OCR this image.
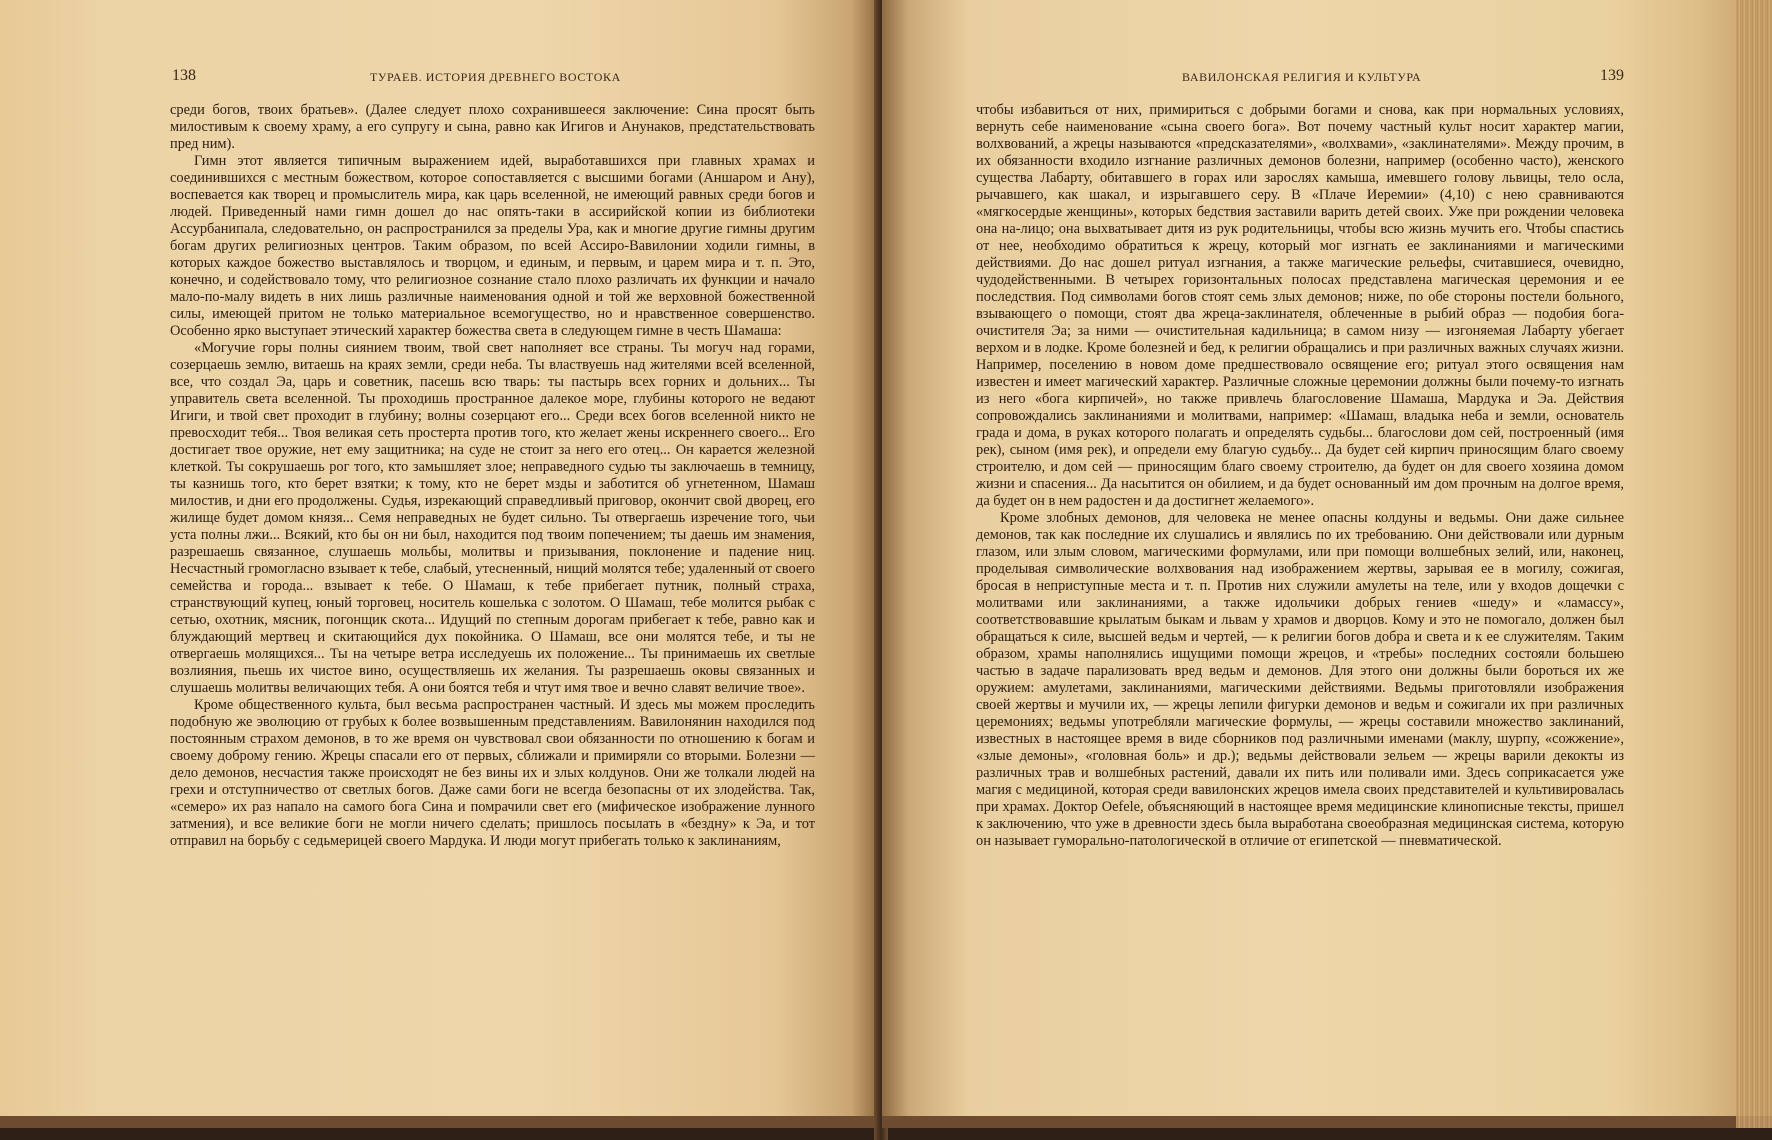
138	ТУРАЕВ. ИСТОРИЯ ДРЕВНЕГО ВОСТОКА

среди богов, твоих братьев». (Далее следует плохо сохранившееся заключение: Сина просят быть милостивым к своему храму, а его супругу и сына, равно как Игигов и Анунаков, предстательствовать пред ним).

Гимн этот является типичным выражением идей, выработавшихся при главных храмах и соединившихся с местным божеством, которое сопоставляется с высшими богами (Аншаром и Ану), воспевается как творец и промыслитель мира, как царь вселенной, не имеющий равных среди богов и людей. Приведенный нами гимн дошел до нас опять-таки в ассирийской копии из библиотеки Ассурбанипала, следовательно, он распространился за пределы Ура, как и многие другие гимны другим богам других религиозных центров. Таким образом, по всей Ассиро-Вавилонии ходили гимны, в которых каждое божество выставлялось и творцом, и единым, и первым, и царем мира и т. п. Это, конечно, и содействовало тому, что религиозное сознание стало плохо различать их функции и начало мало-по-малу видеть в них лишь различные наименования одной и той же верховной божественной силы, имеющей притом не только материальное всемогущество, но и нравственное совершенство. Особенно ярко выступает этический характер божества света в следующем гимне в честь Шамаша:

«Могучие горы полны сиянием твоим, твой свет наполняет все страны. Ты могуч над горами, созерцаешь землю, витаешь на краях земли, среди неба. Ты властвуешь над жителями всей вселенной, все, что создал Эа, царь и советник, пасешь всю тварь: ты пастырь всех горних и дольних... Ты управитель света вселенной. Ты проходишь пространное далекое море, глубины которого не ведают Игиги, и твой свет проходит в глубину; волны созерцают его... Среди всех богов вселенной никто не превосходит тебя... Твоя великая сеть простерта против того, кто желает жены искреннего своего... Его достигает твое оружие, нет ему защитника; на суде не стоит за него его отец... Он карается железной клеткой. Ты сокрушаешь рог того, кто замышляет злое; неправедного судью ты заключаешь в темницу, ты казнишь того, кто берет взятки; к тому, кто не берет мзды и заботится об угнетенном, Шамаш милостив, и дни его продолжены. Судья, изрекающий справедливый приговор, окончит свой дворец, его жилище будет домом князя... Семя неправедных не будет сильно. Ты отвергаешь изречение того, чьи уста полны лжи... Всякий, кто бы он ни был, находится под твоим попечением; ты даешь им знамения, разрешаешь связанное, слушаешь мольбы, молитвы и призывания, поклонение и падение ниц. Несчастный громогласно взывает к тебе, слабый, утесненный, нищий молятся тебе; удаленный от своего семейства и города... взывает к тебе. О Шамаш, к тебе прибегает путник, полный страха, странствующий купец, юный торговец, носитель кошелька с золотом. О Шамаш, тебе молится рыбак с сетью, охотник, мясник, погонщик скота... Идущий по степным дорогам прибегает к тебе, равно как и блуждающий мертвец и скитающийся дух покойника. О Шамаш, все они молятся тебе, и ты не отвергаешь молящихся... Ты на четыре ветра исследуешь их положение... Ты принимаешь их светлые возлияния, пьешь их чистое вино, осуществляешь их желания. Ты разрешаешь оковы связанных и слушаешь молитвы величающих тебя. А они боятся тебя и чтут имя твое и вечно славят величие твое».

Кроме общественного культа, был весьма распространен частный. И здесь мы можем проследить подобную же эволюцию от грубых к более возвышенным представлениям. Вавилонянин находился под постоянным страхом демонов, в то же время он чувствовал свои обязанности по отношению к богам и своему доброму гению. Жрецы спасали его от первых, сближали и примиряли со вторыми. Болезни — дело демонов, несчастия также происходят не без вины их и злых колдунов. Они же толкали людей на грехи и отступничество от светлых богов. Даже сами боги не всегда безопасны от их злодейства. Так, «семеро» их раз напало на самого бога Сина и помрачили свет его (мифическое изображение лунного затмения), и все великие боги не могли ничего сделать; пришлось посылать в «бездну» к Эа, и тот отправил на борьбу с седьмерицей своего Мардука. И люди могут прибегать только к заклинаниям,

ВАВИЛОНСКАЯ РЕЛИГИЯ И КУЛЬТУРА	139

чтобы избавиться от них, примириться с добрыми богами и снова, как при нормальных условиях, вернуть себе наименование «сына своего бога». Вот почему частный культ носит характер магии, волхвований, а жрецы называются «предсказателями», «волхвами», «заклинателями». Между прочим, в их обязанности входило изгнание различных демонов болезни, например (особенно часто), женского существа Лабарту, обитавшего в горах или зарослях камыша, имевшего голову львицы, тело осла, рычавшего, как шакал, и изрыгавшего серу. В «Плаче Иеремии» (4,10) с нею сравниваются «мягкосердые женщины», которых бедствия заставили варить детей своих. Уже при рождении человека она на-лицо; она выхватывает дитя из рук родительницы, чтобы всю жизнь мучить его. Чтобы спастись от нее, необходимо обратиться к жрецу, который мог изгнать ее заклинаниями и магическими действиями. До нас дошел ритуал изгнания, а также магические рельефы, считавшиеся, очевидно, чудодейственными. В четырех горизонтальных полосах представлена магическая церемония и ее последствия. Под символами богов стоят семь злых демонов; ниже, по обе стороны постели больного, взывающего о помощи, стоят два жреца-заклинателя, облеченные в рыбий образ — подобия бога-очистителя Эа; за ними — очистительная кадильница; в самом низу — изгоняемая Лабарту убегает верхом и в лодке. Кроме болезней и бед, к религии обращались и при различных важных случаях жизни. Например, поселению в новом доме предшествовало освящение его; ритуал этого освящения нам известен и имеет магический характер. Различные сложные церемонии должны были почему-то изгнать из него «бога кирпичей», но также привлечь благословение Шамаша, Мардука и Эа. Действия сопровождались заклинаниями и молитвами, например: «Шамаш, владыка неба и земли, основатель града и дома, в руках которого полагать и определять судьбы... благослови дом сей, построенный (имя рек), сыном (имя рек), и определи ему благую судьбу... Да будет сей кирпич приносящим благо своему строителю, и дом сей — приносящим благо своему строителю, да будет он для своего хозяина домом жизни и спасения... Да насытится он обилием, и да будет основанный им дом прочным на долгое время, да будет он в нем радостен и да достигнет желаемого».

Кроме злобных демонов, для человека не менее опасны колдуны и ведьмы. Они даже сильнее демонов, так как последние их слушались и являлись по их требованию. Они действовали или дурным глазом, или злым словом, магическими формулами, или при помощи волшебных зелий, или, наконец, проделывая символические волхвования над изображением жертвы, зарывая ее в могилу, сожигая, бросая в неприступные места и т. п. Против них служили амулеты на теле, или у входов дощечки с молитвами или заклинаниями, а также идольчики добрых гениев «шеду» и «ламассу», соответствовавшие крылатым быкам и львам у храмов и дворцов. Кому и это не помогало, должен был обращаться к силе, высшей ведьм и чертей, — к религии богов добра и света и к ее служителям. Таким образом, храмы наполнялись ищущими помощи жрецов, и «требы» последних состояли большею частью в задаче парализовать вред ведьм и демонов. Для этого они должны были бороться их же оружием: амулетами, заклинаниями, магическими действиями. Ведьмы приготовляли изображения своей жертвы и мучили их, — жрецы лепили фигурки демонов и ведьм и сожигали их при различных церемониях; ведьмы употребляли магические формулы, — жрецы составили множество заклинаний, известных в настоящее время в виде сборников под различными именами (маклу, шурпу, «сожжение», «злые демоны», «головная боль» и др.); ведьмы действовали зельем — жрецы варили декокты из различных трав и волшебных растений, давали их пить или поливали ими. Здесь соприкасается уже магия с медициной, которая среди вавилонских жрецов имела своих представителей и культивировалась при храмах. Доктор Oefele, объясняющий в настоящее время медицинские клинописные тексты, пришел к заключению, что уже в древности здесь была выработана своеобразная медицинская система, которую он называет гуморально-патологической в отличие от египетской — пневматической.
